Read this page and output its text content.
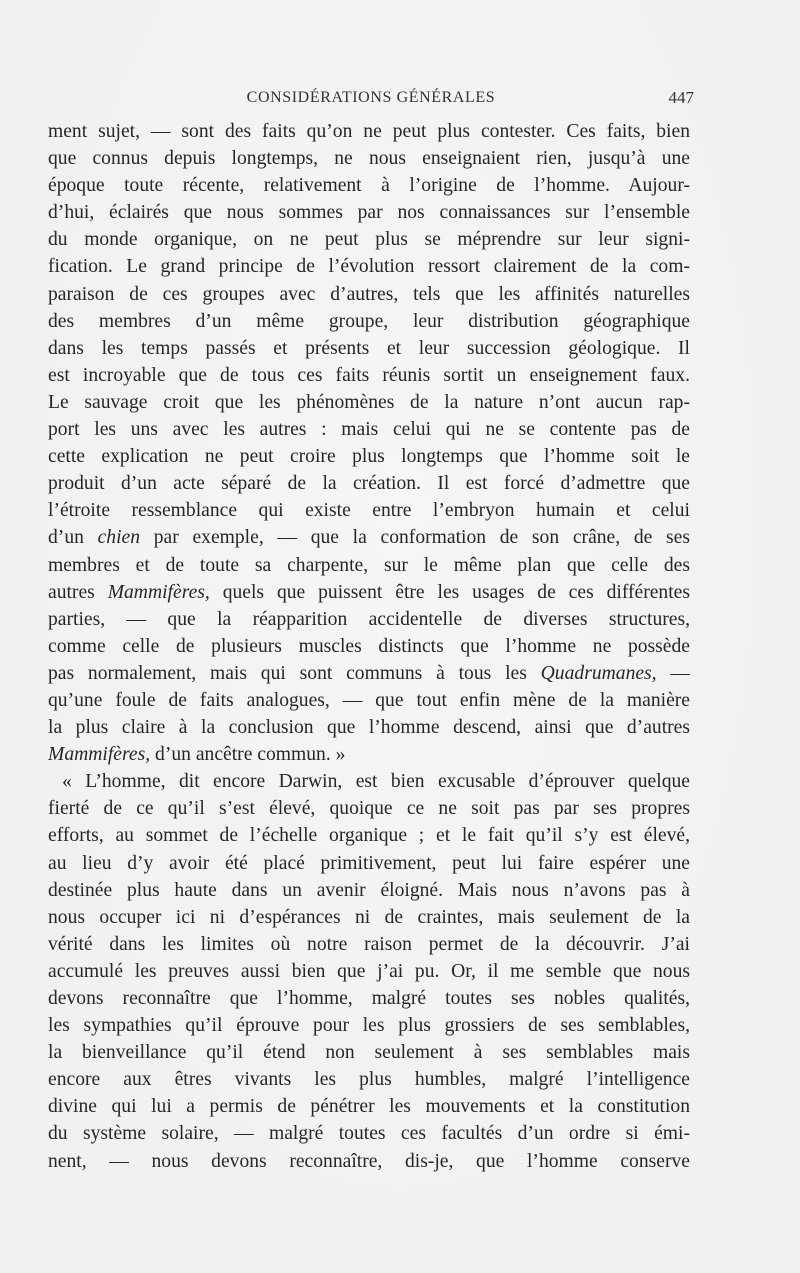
CONSIDÉRATIONS GÉNÉRALES	447
ment sujet, — sont des faits qu’on ne peut plus contester. Ces faits, bien
que connus depuis longtemps, ne nous enseignaient rien, jusqu’à une
époque toute récente, relativement à l’origine de l’homme. Aujour-
d’hui, éclairés que nous sommes par nos connaissances sur l’ensemble
du monde organique, on ne peut plus se méprendre sur leur signi-
fication. Le grand principe de l’évolution ressort clairement de la com-
paraison de ces groupes avec d’autres, tels que les affinités naturelles
des membres d’un même groupe, leur distribution géographique
dans les temps passés et présents et leur succession géologique. Il
est incroyable que de tous ces faits réunis sortit un enseignement faux.
Le sauvage croit que les phénomènes de la nature n’ont aucun rap-
port les uns avec les autres : mais celui qui ne se contente pas de
cette explication ne peut croire plus longtemps que l’homme soit le
produit d’un acte séparé de la création. Il est forcé d’admettre que
l’étroite ressemblance qui existe entre l’embryon humain et celui
d’un chien par exemple, — que la conformation de son crâne, de ses
membres et de toute sa charpente, sur le même plan que celle des
autres Mammifères, quels que puissent être les usages de ces différentes
parties, — que la réapparition accidentelle de diverses structures,
comme celle de plusieurs muscles distincts que l’homme ne possède
pas normalement, mais qui sont communs à tous les Quadrumanes, —
qu’une foule de faits analogues, — que tout enfin mène de la manière
la plus claire à la conclusion que l’homme descend, ainsi que d’autres
Mammifères, d’un ancêtre commun. »
« L’homme, dit encore Darwin, est bien excusable d’éprouver quelque
fierté de ce qu’il s’est élevé, quoique ce ne soit pas par ses propres
efforts, au sommet de l’échelle organique ; et le fait qu’il s’y est élevé,
au lieu d’y avoir été placé primitivement, peut lui faire espérer une
destinée plus haute dans un avenir éloigné. Mais nous n’avons pas à
nous occuper ici ni d’espérances ni de craintes, mais seulement de la
vérité dans les limites où notre raison permet de la découvrir. J’ai
accumulé les preuves aussi bien que j’ai pu. Or, il me semble que nous
devons reconnaître que l’homme, malgré toutes ses nobles qualités,
les sympathies qu’il éprouve pour les plus grossiers de ses semblables,
la bienveillance qu’il étend non seulement à ses semblables mais
encore aux êtres vivants les plus humbles, malgré l’intelligence
divine qui lui a permis de pénétrer les mouvements et la constitution
du système solaire, — malgré toutes ces facultés d’un ordre si émi-
nent, — nous devons reconnaître, dis-je, que l’homme conserve
